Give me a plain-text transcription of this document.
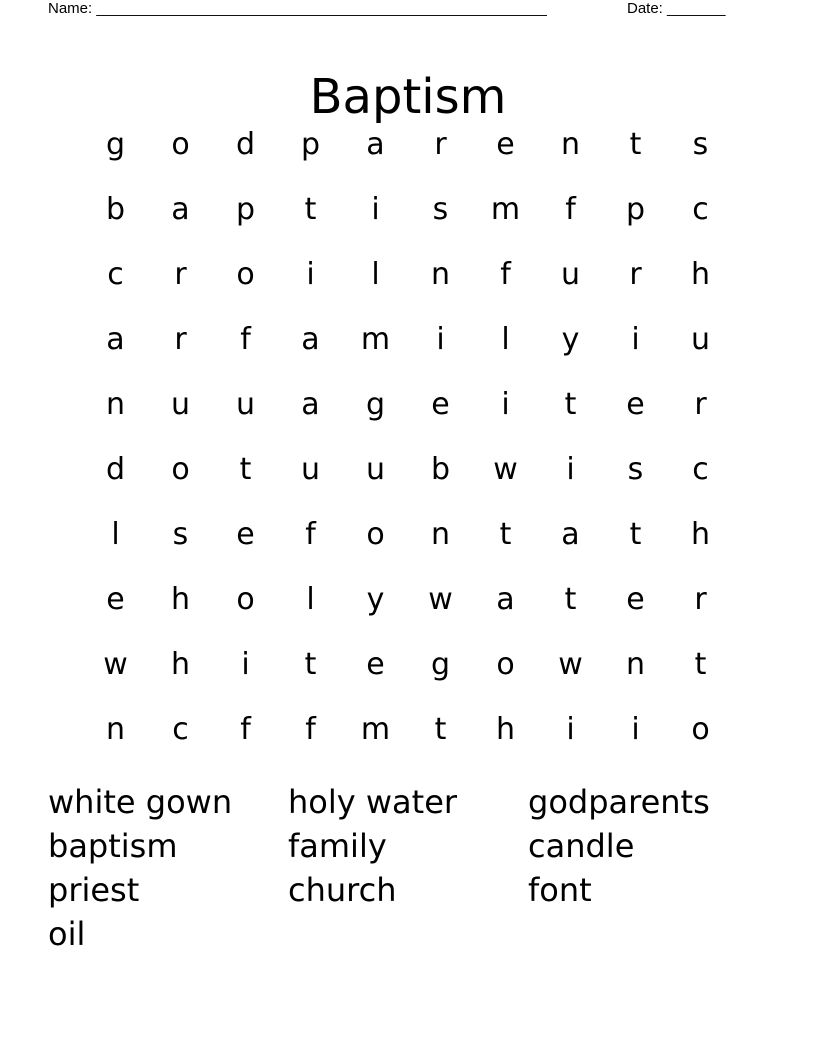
Name: ______________________________________________________	Date: _______
Baptism
g	o	d	p	a	r	e	n	t	s
b	a	p	t	i	s	m	f	p	c
c	r	o	i	l	n	f	u	r	h
a	r	f	a	m	i	l	y	i	u
n	u	u	a	g	e	i	t	e	r
d	o	t	u	u	b	w	i	s	c
l	s	e	f	o	n	t	a	t	h
e	h	o	l	y	w	a	t	e	r
w	h	i	t	e	g	o	w	n	t
n	c	f	f	m	t	h	i	i	o
white gown	holy water	godparents
baptism	family	candle
priest	church	font
oil
